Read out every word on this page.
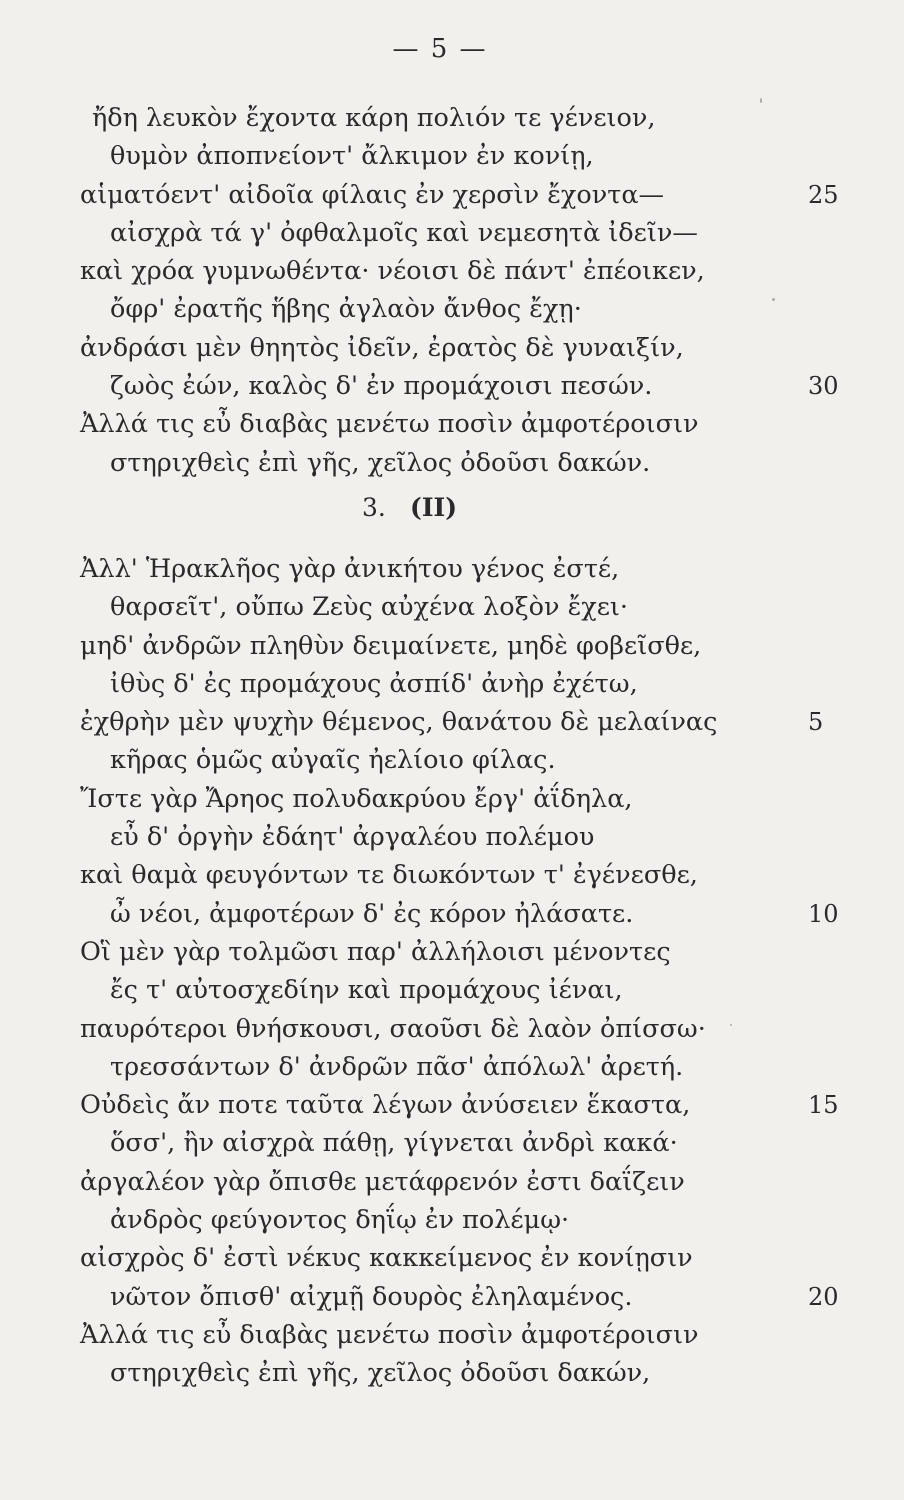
— 5 —
ἤδη λευκὸν ἔχοντα κάρη πολιόν τε γένειον,
θυμὸν ἀποπνείοντ' ἄλκιμον ἐν κονίῃ,
αἱματόεντ' αἰδοῖα φίλαις ἐν χερσὶν ἔχοντα—	25
αἰσχρὰ τά γ' ὀφθαλμοῖς καὶ νεμεσητὰ ἰδεῖν—
καὶ χρόα γυμνωθέντα· νέοισι δὲ πάντ' ἐπέοικεν,
ὄφρ' ἐρατῆς ἥβης ἀγλαὸν ἄνθος ἔχῃ·
ἀνδράσι μὲν θηητὸς ἰδεῖν, ἐρατὸς δὲ γυναιξίν,
ζωὸς ἐών, καλὸς δ' ἐν προμάχοισι πεσών.	30
Ἀλλά τις εὖ διαβὰς μενέτω ποσὶν ἀμφοτέροισιν
στηριχθεὶς ἐπὶ γῆς, χεῖλος ὀδοῦσι δακών.
3. (ΙΙ)
Ἀλλ' Ἡρακλῆος γὰρ ἀνικήτου γένος ἐστέ,
θαρσεῖτ', οὔπω Ζεὺς αὐχένα λοξὸν ἔχει·
μηδ' ἀνδρῶν πληθὺν δειμαίνετε, μηδὲ φοβεῖσθε,
ἰθὺς δ' ἐς προμάχους ἀσπίδ' ἀνὴρ ἐχέτω,
ἐχθρὴν μὲν ψυχὴν θέμενος, θανάτου δὲ μελαίνας	5
κῆρας ὁμῶς αὐγαῖς ἠελίοιο φίλας.
Ἴστε γὰρ Ἄρηος πολυδακρύου ἔργ' ἀΐδηλα,
εὖ δ' ὀργὴν ἐδάητ' ἀργαλέου πολέμου
καὶ θαμὰ φευγόντων τε διωκόντων τ' ἐγένεσθε,
ὦ νέοι, ἀμφοτέρων δ' ἐς κόρον ἠλάσατε.	10
Οἳ μὲν γὰρ τολμῶσι παρ' ἀλλήλοισι μένοντες
ἔς τ' αὐτοσχεδίην καὶ προμάχους ἰέναι,
παυρότεροι θνήσκουσι, σαοῦσι δὲ λαὸν ὀπίσσω·
τρεσσάντων δ' ἀνδρῶν πᾶσ' ἀπόλωλ' ἀρετή.
Οὐδεὶς ἄν ποτε ταῦτα λέγων ἀνύσειεν ἕκαστα,	15
ὅσσ', ἢν αἰσχρὰ πάθῃ, γίγνεται ἀνδρὶ κακά·
ἀργαλέον γὰρ ὄπισθε μετάφρενόν ἐστι δαΐζειν
ἀνδρὸς φεύγοντος δηΐῳ ἐν πολέμῳ·
αἰσχρὸς δ' ἐστὶ νέκυς κακκείμενος ἐν κονίῃσιν
νῶτον ὄπισθ' αἰχμῇ δουρὸς ἐληλαμένος.	20
Ἀλλά τις εὖ διαβὰς μενέτω ποσὶν ἀμφοτέροισιν
στηριχθεὶς ἐπὶ γῆς, χεῖλος ὀδοῦσι δακών,
